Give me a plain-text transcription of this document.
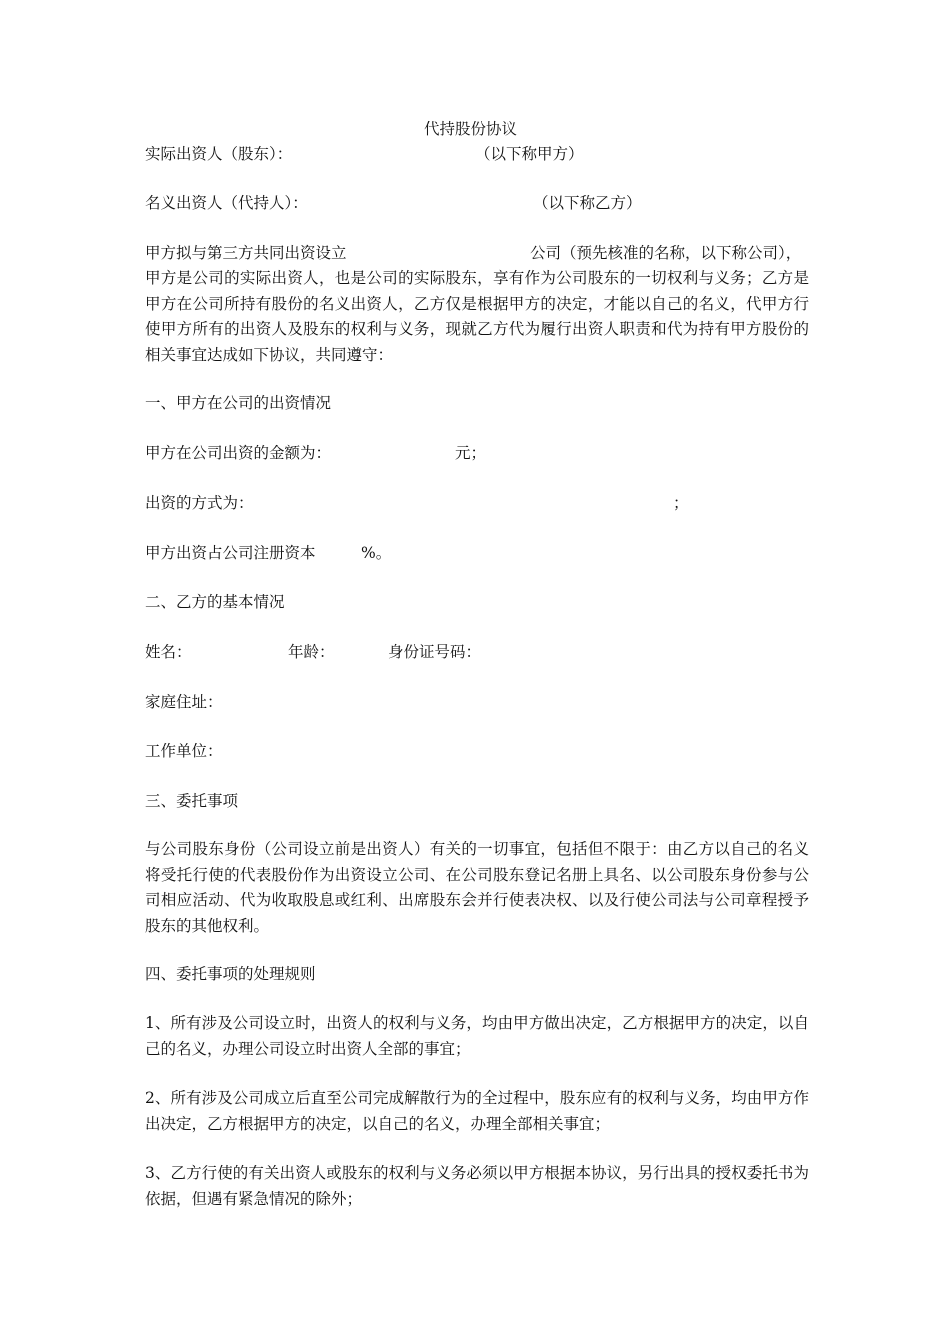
代持股份协议
实际出资人（股东）：	（以下称甲方）
名义出资人（代持人）：	（以下称乙方）
甲方拟与第三方共同出资设立	公司（预先核准的名称，以下称公司），
甲方是公司的实际出资人，也是公司的实际股东，享有作为公司股东的一切权利与义务；乙方是甲方在公司所持有股份的名义出资人，乙方仅是根据甲方的决定，才能以自己的名义，代甲方行使甲方所有的出资人及股东的权利与义务，现就乙方代为履行出资人职责和代为持有甲方股份的相关事宜达成如下协议，共同遵守：
一、甲方在公司的出资情况
甲方在公司出资的金额为：	元；
出资的方式为：	；
甲方出资占公司注册资本	%。
二、乙方的基本情况
姓名：	年龄：	身份证号码：
家庭住址：
工作单位：
三、委托事项
与公司股东身份（公司设立前是出资人）有关的一切事宜，包括但不限于：由乙方以自己的名义将受托行使的代表股份作为出资设立公司、在公司股东登记名册上具名、以公司股东身份参与公司相应活动、代为收取股息或红利、出席股东会并行使表决权、以及行使公司法与公司章程授予股东的其他权利。
四、委托事项的处理规则
1、所有涉及公司设立时，出资人的权利与义务，均由甲方做出决定，乙方根据甲方的决定，以自己的名义，办理公司设立时出资人全部的事宜；
2、所有涉及公司成立后直至公司完成解散行为的全过程中，股东应有的权利与义务，均由甲方作出决定，乙方根据甲方的决定，以自己的名义，办理全部相关事宜；
3、乙方行使的有关出资人或股东的权利与义务必须以甲方根据本协议，另行出具的授权委托书为依据，但遇有紧急情况的除外；
